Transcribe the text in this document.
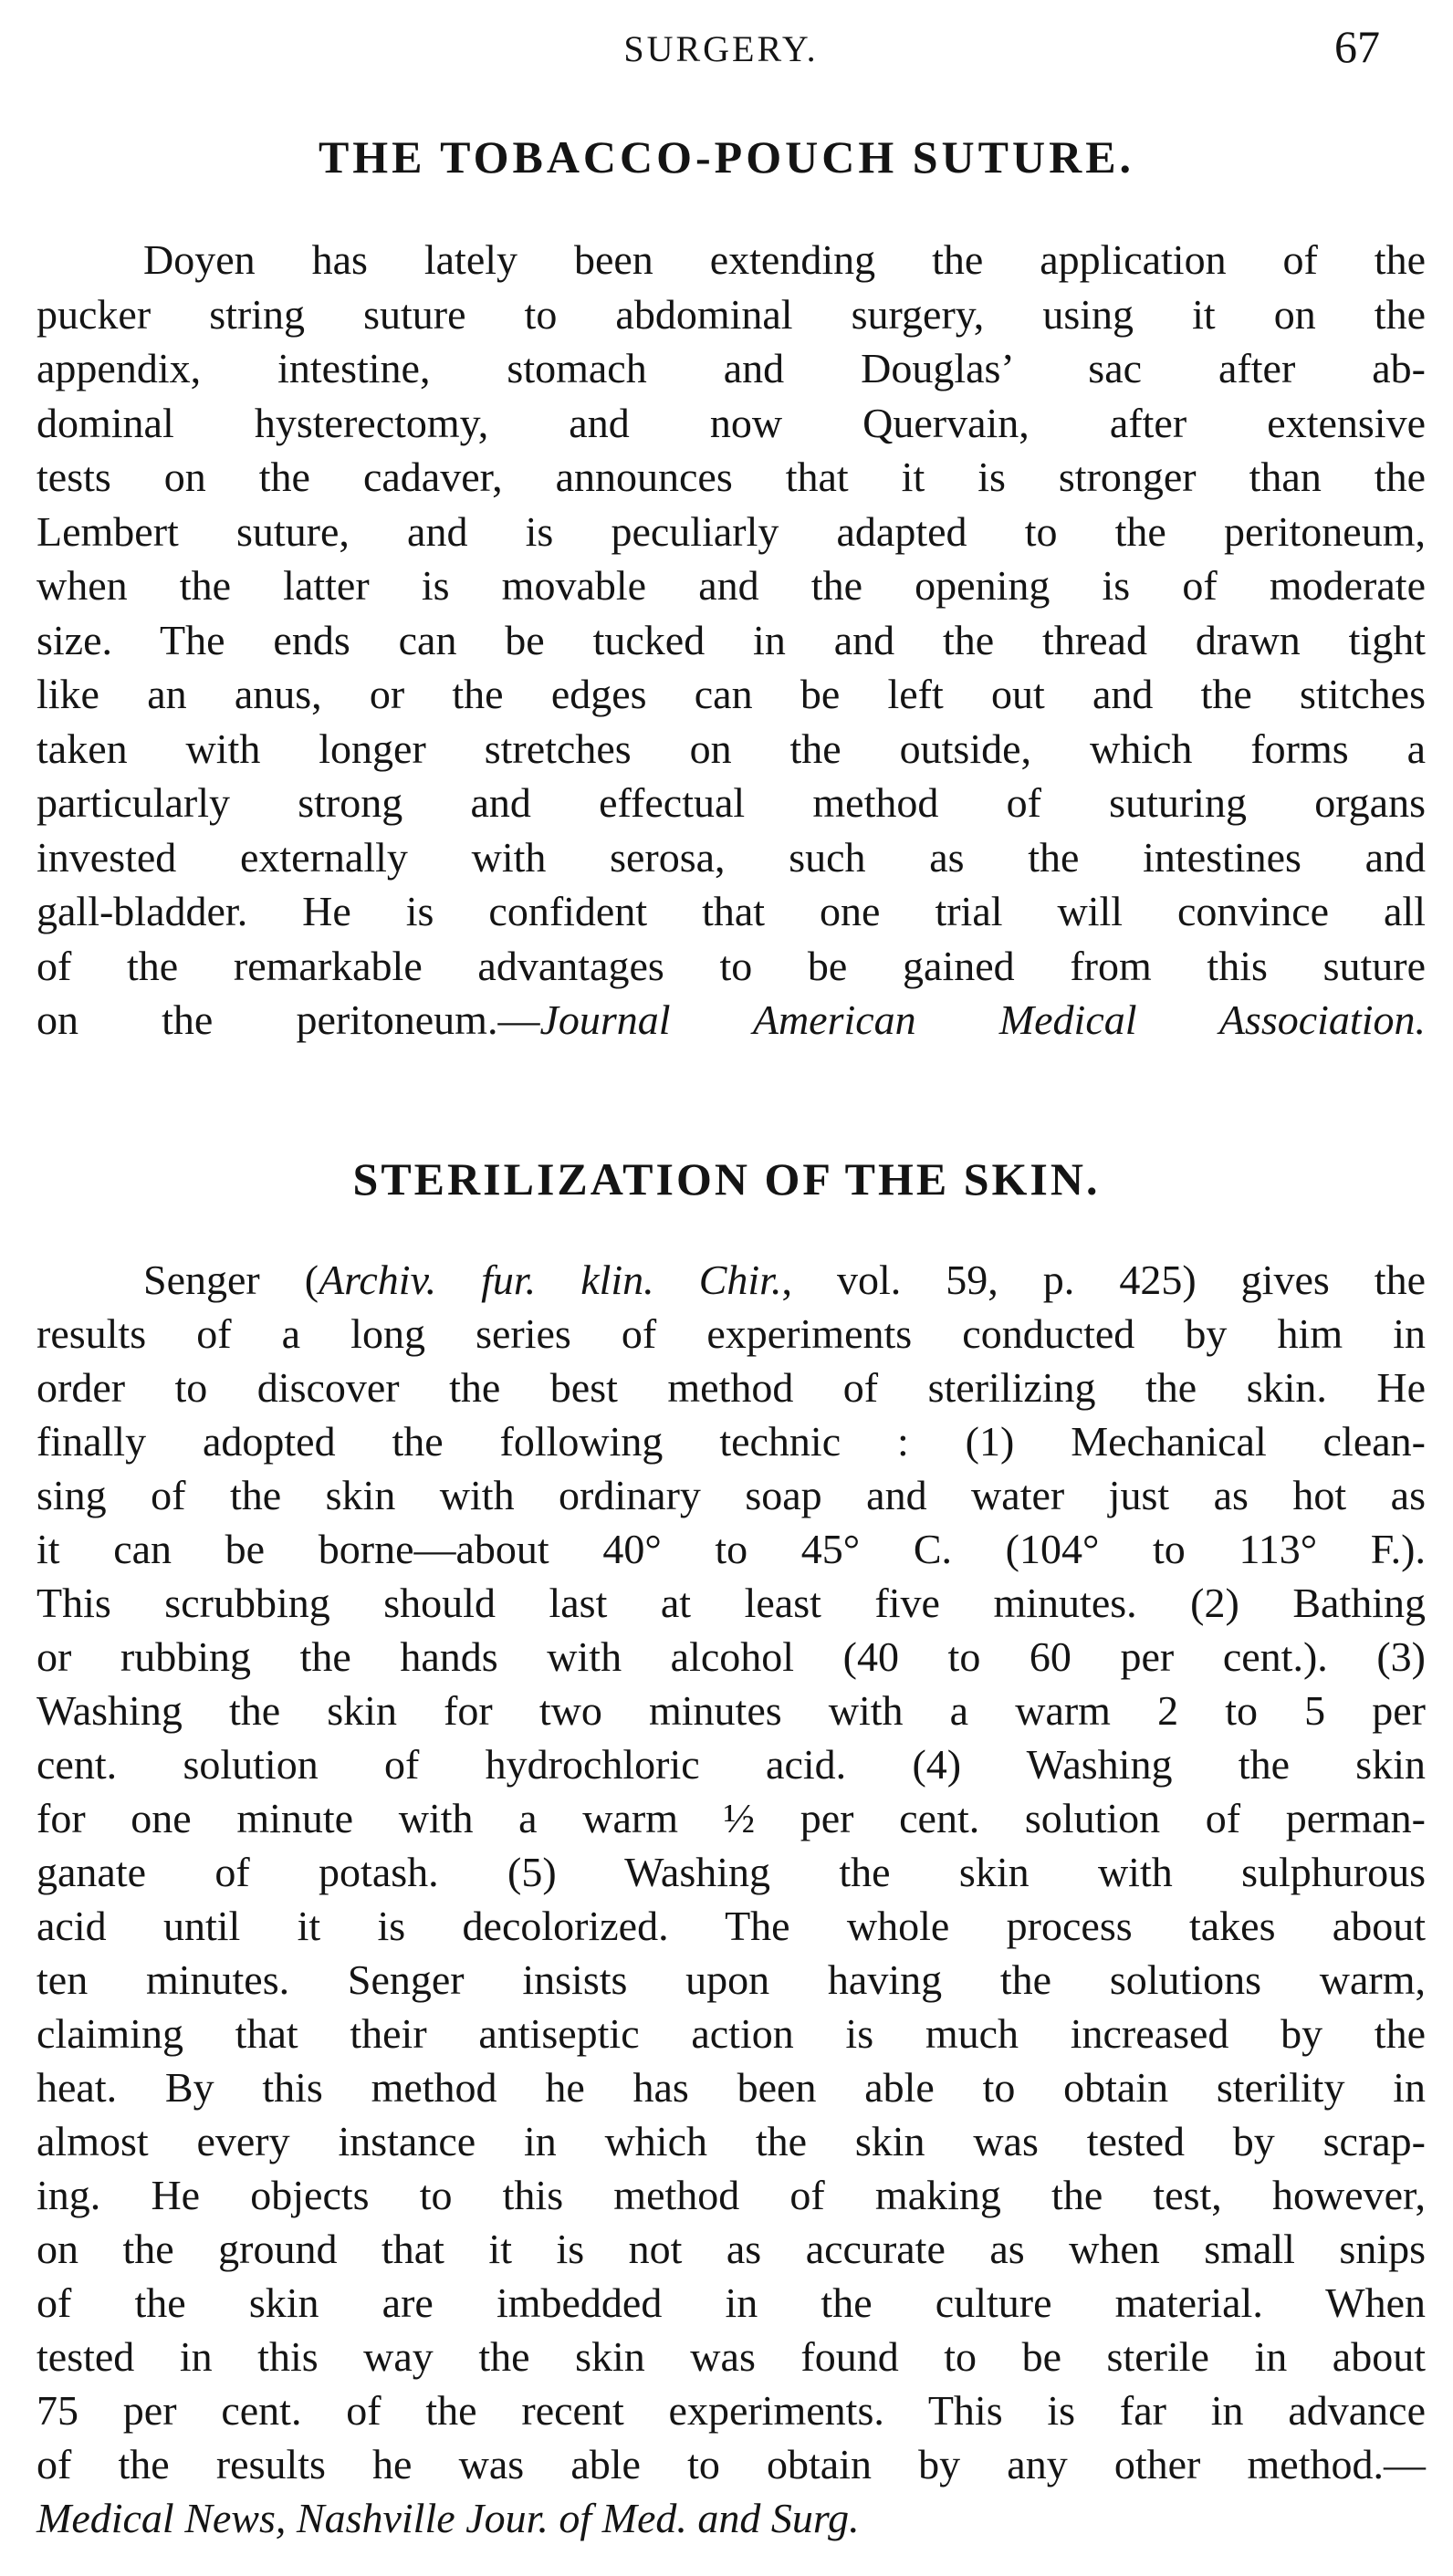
SURGERY.	67
THE TOBACCO-POUCH SUTURE.
Doyen has lately been extending the application of the
pucker string suture to abdominal surgery, using it on the
appendix, intestine, stomach and Douglas’ sac after ab-
dominal hysterectomy, and now Quervain, after extensive
tests on the cadaver, announces that it is stronger than the
Lembert suture, and is peculiarly adapted to the peritoneum,
when the latter is movable and the opening is of moderate
size. The ends can be tucked in and the thread drawn tight
like an anus, or the edges can be left out and the stitches
taken with longer stretches on the outside, which forms a
particularly strong and effectual method of suturing organs
invested externally with serosa, such as the intestines and
gall-bladder. He is confident that one trial will convince all
of the remarkable advantages to be gained from this suture
on the peritoneum.—Journal American Medical Association.
STERILIZATION OF THE SKIN.
Senger (Archiv. fur. klin. Chir., vol. 59, p. 425) gives the
results of a long series of experiments conducted by him in
order to discover the best method of sterilizing the skin. He
finally adopted the following technic : (1) Mechanical clean-
sing of the skin with ordinary soap and water just as hot as
it can be borne—about 40° to 45° C. (104° to 113° F.).
This scrubbing should last at least five minutes. (2) Bathing
or rubbing the hands with alcohol (40 to 60 per cent.). (3)
Washing the skin for two minutes with a warm 2 to 5 per
cent. solution of hydrochloric acid. (4) Washing the skin
for one minute with a warm ½ per cent. solution of perman-
ganate of potash. (5) Washing the skin with sulphurous
acid until it is decolorized. The whole process takes about
ten minutes. Senger insists upon having the solutions warm,
claiming that their antiseptic action is much increased by the
heat. By this method he has been able to obtain sterility in
almost every instance in which the skin was tested by scrap-
ing. He objects to this method of making the test, however,
on the ground that it is not as accurate as when small snips
of the skin are imbedded in the culture material. When
tested in this way the skin was found to be sterile in about
75 per cent. of the recent experiments. This is far in advance
of the results he was able to obtain by any other method.—
Medical News, Nashville Jour. of Med. and Surg.
